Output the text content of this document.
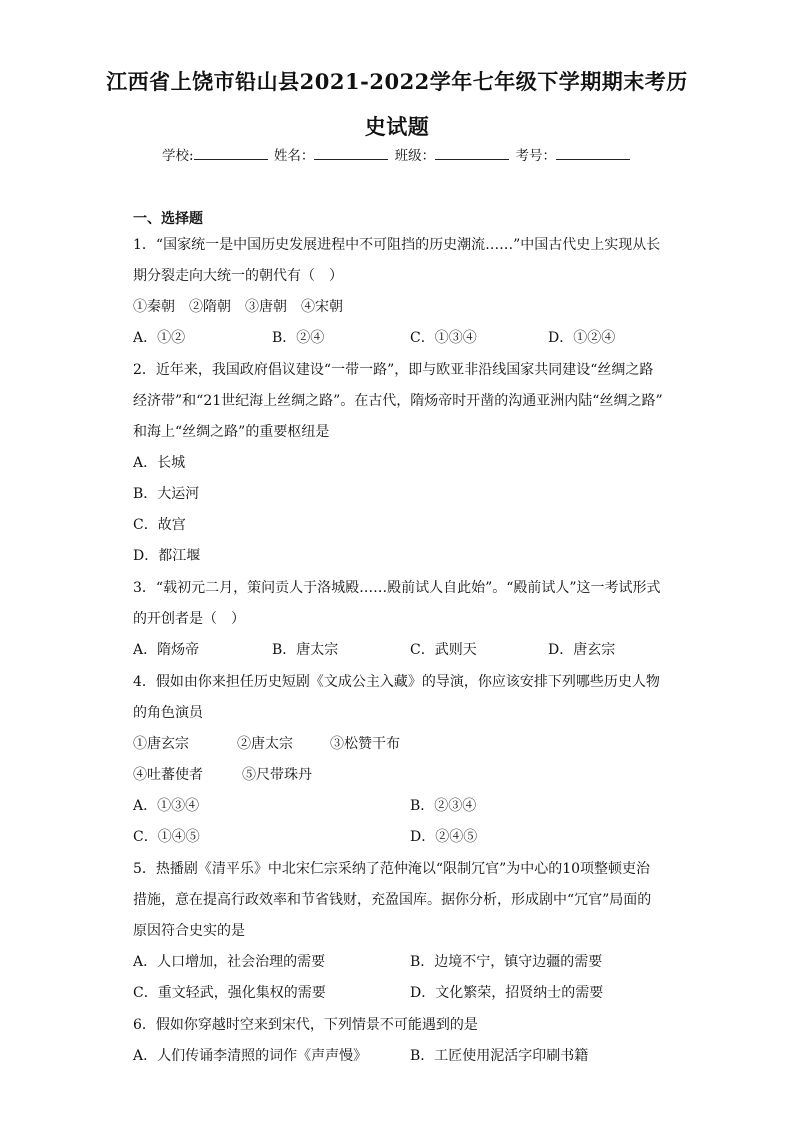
江西省上饶市铅山县2021-2022学年七年级下学期期末考历
史试题
学校:	姓名：	班级：	考号：
一、选择题
1．“国家统一是中国历史发展进程中不可阻挡的历史潮流……”中国古代史上实现从长
期分裂走向大统一的朝代有（　）
①秦朝　②隋朝　③唐朝　④宋朝
A．①②	B．②④	C．①③④	D．①②④
2．近年来，我国政府倡议建设“一带一路”，即与欧亚非沿线国家共同建设“丝绸之路
经济带”和“21世纪海上丝绸之路”。在古代，隋炀帝时开凿的沟通亚洲内陆“丝绸之路”
和海上“丝绸之路”的重要枢纽是
A．长城
B．大运河
C．故宫
D．都江堰
3．“载初元二月，策问贡人于洛城殿……殿前试人自此始”。“殿前试人”这一考试形式
的开创者是（　）
A．隋炀帝	B．唐太宗	C．武则天	D．唐玄宗
4．假如由你来担任历史短剧《文成公主入藏》的导演，你应该安排下列哪些历史人物
的角色演员
①唐玄宗	②唐太宗	③松赞干布
④吐蕃使者	⑤尺带珠丹
A．①③④	B．②③④
C．①④⑤	D．②④⑤
5．热播剧《清平乐》中北宋仁宗采纳了范仲淹以“限制冗官”为中心的10项整顿吏治
措施，意在提高行政效率和节省钱财，充盈国库。据你分析，形成剧中“冗官”局面的
原因符合史实的是
A．人口增加，社会治理的需要	B．边境不宁，镇守边疆的需要
C．重文轻武，强化集权的需要	D．文化繁荣，招贤纳士的需要
6．假如你穿越时空来到宋代，下列情景不可能遇到的是
A．人们传诵李清照的词作《声声慢》	B．工匠使用泥活字印刷书籍
